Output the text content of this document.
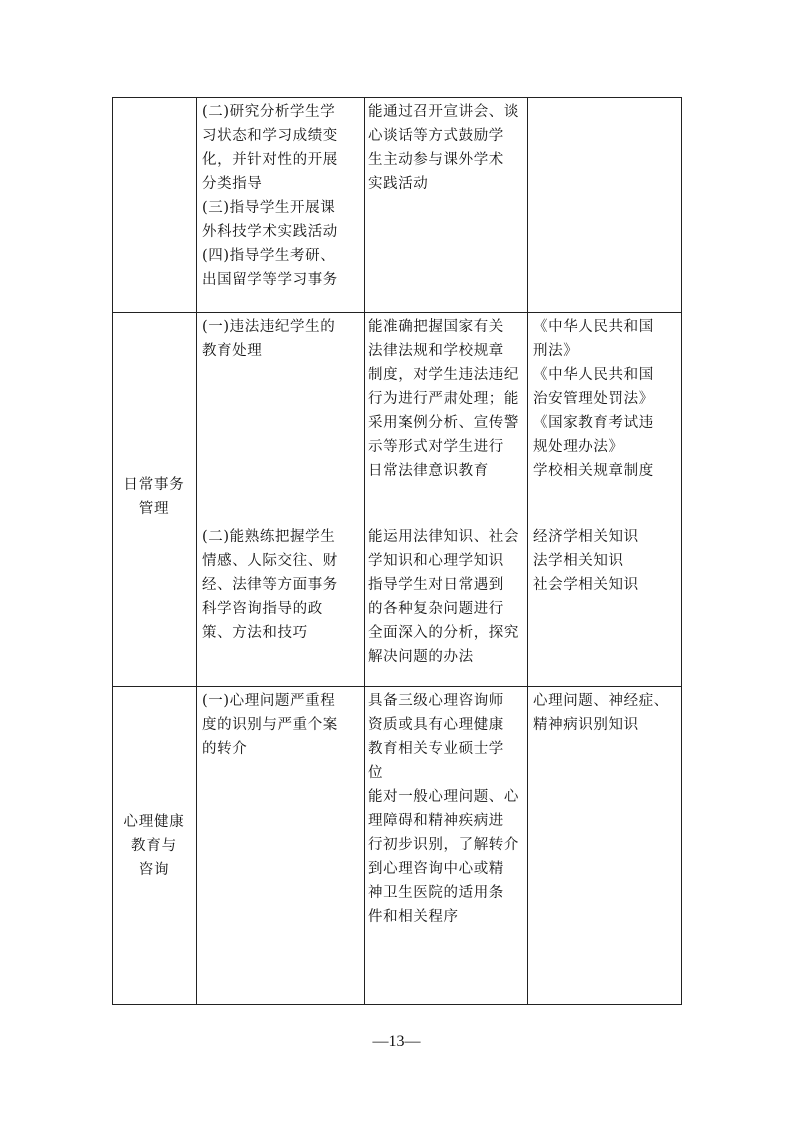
(二)研究分析学生学
习状态和学习成绩变
化，并针对性的开展
分类指导
(三)指导学生开展课
外科技学术实践活动
(四)指导学生考研、
出国留学等学习事务
能通过召开宣讲会、谈
心谈话等方式鼓励学
生主动参与课外学术
实践活动
日常事务
管理
(一)违法违纪学生的
教育处理
能准确把握国家有关
法律法规和学校规章
制度，对学生违法违纪
行为进行严肃处理；能
采用案例分析、宣传警
示等形式对学生进行
日常法律意识教育
《中华人民共和国
刑法》
《中华人民共和国
治安管理处罚法》
《国家教育考试违
规处理办法》
学校相关规章制度
(二)能熟练把握学生
情感、人际交往、财
经、法律等方面事务
科学咨询指导的政
策、方法和技巧
能运用法律知识、社会
学知识和心理学知识
指导学生对日常遇到
的各种复杂问题进行
全面深入的分析，探究
解决问题的办法
经济学相关知识
法学相关知识
社会学相关知识
心理健康
教育与
咨询
(一)心理问题严重程
度的识别与严重个案
的转介
具备三级心理咨询师
资质或具有心理健康
教育相关专业硕士学
位
能对一般心理问题、心
理障碍和精神疾病进
行初步识别，了解转介
到心理咨询中心或精
神卫生医院的适用条
件和相关程序
心理问题、神经症、
精神病识别知识
—13—
